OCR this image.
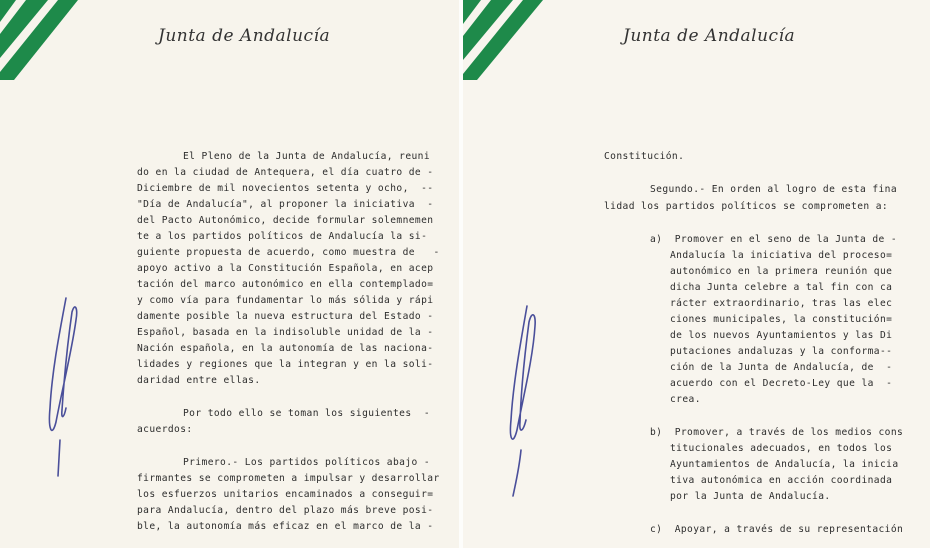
Junta de Andalucía
El Pleno de la Junta de Andalucía, reuni
do en la ciudad de Antequera, el día cuatro de -
Diciembre de mil novecientos setenta y ocho,  --
"Día de Andalucía", al proponer la iniciativa  -
del Pacto Autonómico, decide formular solemnemen
te a los partidos políticos de Andalucía la si-
guiente propuesta de acuerdo, como muestra de   -
apoyo activo a la Constitución Española, en acep
tación del marco autonómico en ella contemplado=
y como vía para fundamentar lo más sólida y rápi
damente posible la nueva estructura del Estado -
Español, basada en la indisoluble unidad de la -
Nación española, en la autonomía de las naciona-
lidades y regiones que la integran y en la soli-
daridad entre ellas.
Por todo ello se toman los siguientes  -
acuerdos:
Primero.- Los partidos políticos abajo -
firmantes se comprometen a impulsar y desarrollar
los esfuerzos unitarios encaminados a conseguir=
para Andalucía, dentro del plazo más breve posi-
ble, la autonomía más eficaz en el marco de la -
Junta de Andalucía
Constitución.
Segundo.- En orden al logro de esta fina
lidad los partidos políticos se comprometen a:
a)  Promover en el seno de la Junta de -
Andalucía la iniciativa del proceso=
autonómico en la primera reunión que
dicha Junta celebre a tal fin con ca
rácter extraordinario, tras las elec
ciones municipales, la constitución=
de los nuevos Ayuntamientos y las Di
putaciones andaluzas y la conforma--
ción de la Junta de Andalucía, de  -
acuerdo con el Decreto-Ley que la  -
crea.
b)  Promover, a través de los medios cons
titucionales adecuados, en todos los
Ayuntamientos de Andalucía, la inicia
tiva autonómica en acción coordinada
por la Junta de Andalucía.
c)  Apoyar, a través de su representación
